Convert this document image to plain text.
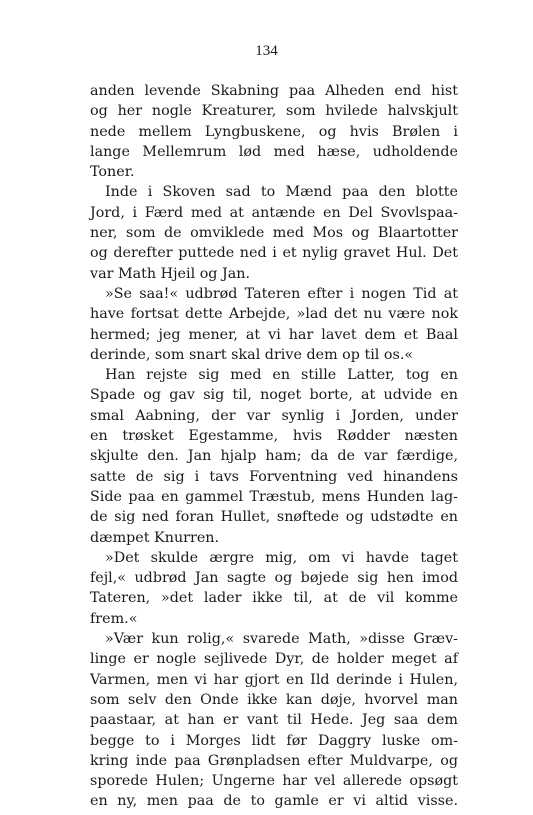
134
anden levende Skabning paa Alheden end hist
og her nogle Kreaturer, som hvilede halvskjult
nede mellem Lyngbuskene, og hvis Brølen i
lange Mellemrum lød med hæse, udholdende
Toner.
Inde i Skoven sad to Mænd paa den blotte
Jord, i Færd med at antænde en Del Svovlspaa-
ner, som de omviklede med Mos og Blaartotter
og derefter puttede ned i et nylig gravet Hul. Det
var Math Hjeil og Jan.
»Se saa!« udbrød Tateren efter i nogen Tid at
have fortsat dette Arbejde, »lad det nu være nok
hermed; jeg mener, at vi har lavet dem et Baal
derinde, som snart skal drive dem op til os.«
Han rejste sig med en stille Latter, tog en
Spade og gav sig til, noget borte, at udvide en
smal Aabning, der var synlig i Jorden, under
en trøsket Egestamme, hvis Rødder næsten
skjulte den. Jan hjalp ham; da de var færdige,
satte de sig i tavs Forventning ved hinandens
Side paa en gammel Træstub, mens Hunden lag-
de sig ned foran Hullet, snøftede og udstødte en
dæmpet Knurren.
»Det skulde ærgre mig, om vi havde taget
fejl,« udbrød Jan sagte og bøjede sig hen imod
Tateren, »det lader ikke til, at de vil komme
frem.«
»Vær kun rolig,« svarede Math, »disse Græv-
linge er nogle sejlivede Dyr, de holder meget af
Varmen, men vi har gjort en Ild derinde i Hulen,
som selv den Onde ikke kan døje, hvorvel man
paastaar, at han er vant til Hede. Jeg saa dem
begge to i Morges lidt før Daggry luske om-
kring inde paa Grønpladsen efter Muldvarpe, og
sporede Hulen; Ungerne har vel allerede opsøgt
en ny, men paa de to gamle er vi altid visse.
